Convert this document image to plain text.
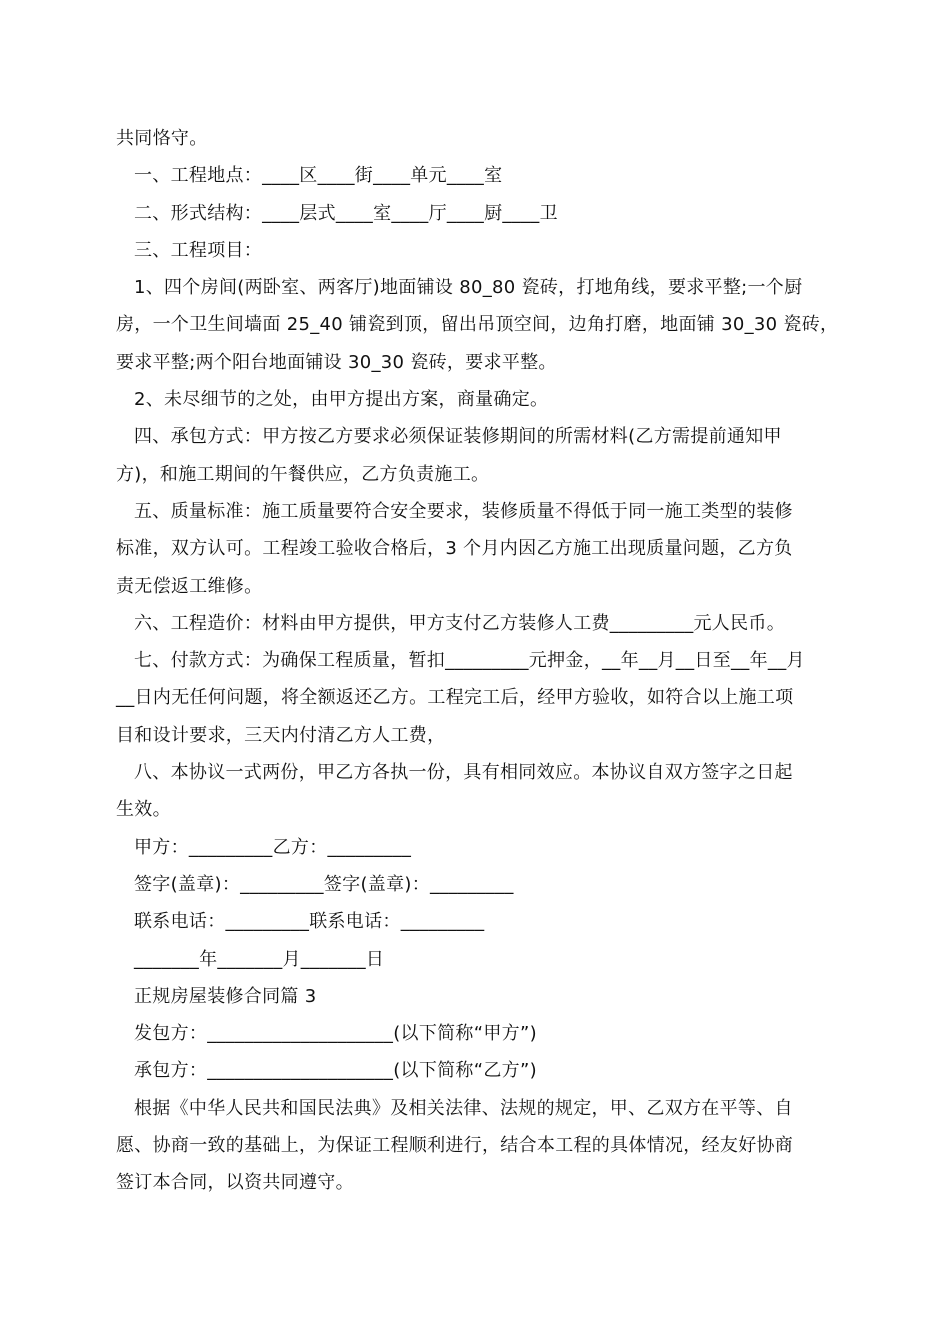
共同恪守。
一、工程地点：____区____街____单元____室
二、形式结构：____层式____室____厅____厨____卫
三、工程项目：
1、四个房间(两卧室、两客厅)地面铺设 80_80 瓷砖，打地角线，要求平整;一个厨
房，一个卫生间墙面 25_40 铺瓷到顶，留出吊顶空间，边角打磨，地面铺 30_30 瓷砖，
要求平整;两个阳台地面铺设 30_30 瓷砖，要求平整。
2、未尽细节的之处，由甲方提出方案，商量确定。
四、承包方式：甲方按乙方要求必须保证装修期间的所需材料(乙方需提前通知甲
方)，和施工期间的午餐供应，乙方负责施工。
五、质量标准：施工质量要符合安全要求，装修质量不得低于同一施工类型的装修
标准，双方认可。工程竣工验收合格后，3 个月内因乙方施工出现质量问题，乙方负
责无偿返工维修。
六、工程造价：材料由甲方提供，甲方支付乙方装修人工费_________元人民币。
七、付款方式：为确保工程质量，暂扣_________元押金，__年__月__日至__年__月
__日内无任何问题，将全额返还乙方。工程完工后，经甲方验收，如符合以上施工项
目和设计要求，三天内付清乙方人工费，
八、本协议一式两份，甲乙方各执一份，具有相同效应。本协议自双方签字之日起
生效。
甲方：_________乙方：_________
签字(盖章)：_________签字(盖章)：_________
联系电话：_________联系电话：_________
_______年_______月_______日
正规房屋装修合同篇 3
发包方：____________________(以下简称“甲方”)
承包方：____________________(以下简称“乙方”)
根据《中华人民共和国民法典》及相关法律、法规的规定，甲、乙双方在平等、自
愿、协商一致的基础上，为保证工程顺利进行，结合本工程的具体情况，经友好协商
签订本合同，以资共同遵守。
